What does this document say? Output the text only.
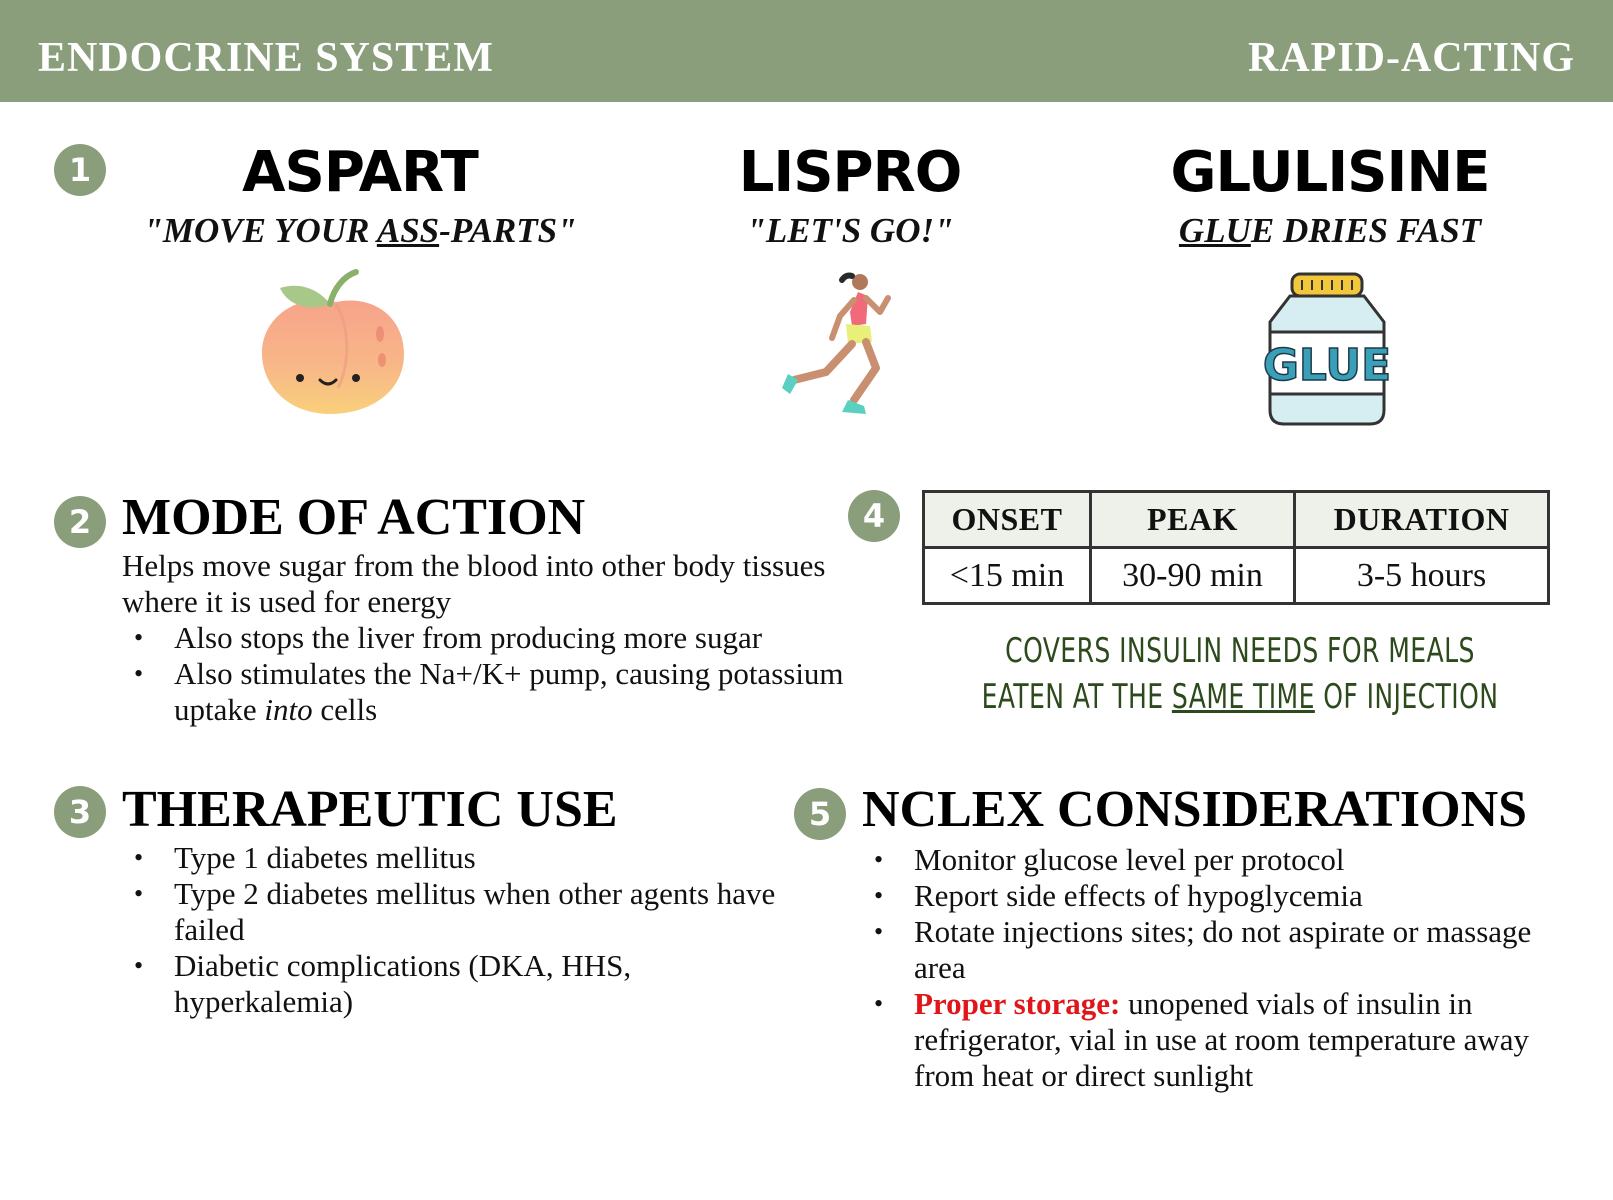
ENDOCRINE SYSTEM	RAPID-ACTING
1	ASPART
"MOVE YOUR ASS-PARTS"
LISPRO
"LET'S GO!"
GLULISINE
GLUE DRIES FAST
GLUE
2 MODE OF ACTION
Helps move sugar from the blood into other body tissues where it is used for energy
• Also stops the liver from producing more sugar
• Also stimulates the Na+/K+ pump, causing potassium uptake into cells
3 THERAPEUTIC USE
• Type 1 diabetes mellitus
• Type 2 diabetes mellitus when other agents have failed
• Diabetic complications (DKA, HHS, hyperkalemia)
4	ONSET	PEAK	DURATION
<15 min	30-90 min	3-5 hours
COVERS INSULIN NEEDS FOR MEALS
EATEN AT THE SAME TIME OF INJECTION
5 NCLEX CONSIDERATIONS
• Monitor glucose level per protocol
• Report side effects of hypoglycemia
• Rotate injections sites; do not aspirate or massage area
• Proper storage: unopened vials of insulin in refrigerator, vial in use at room temperature away from heat or direct sunlight
